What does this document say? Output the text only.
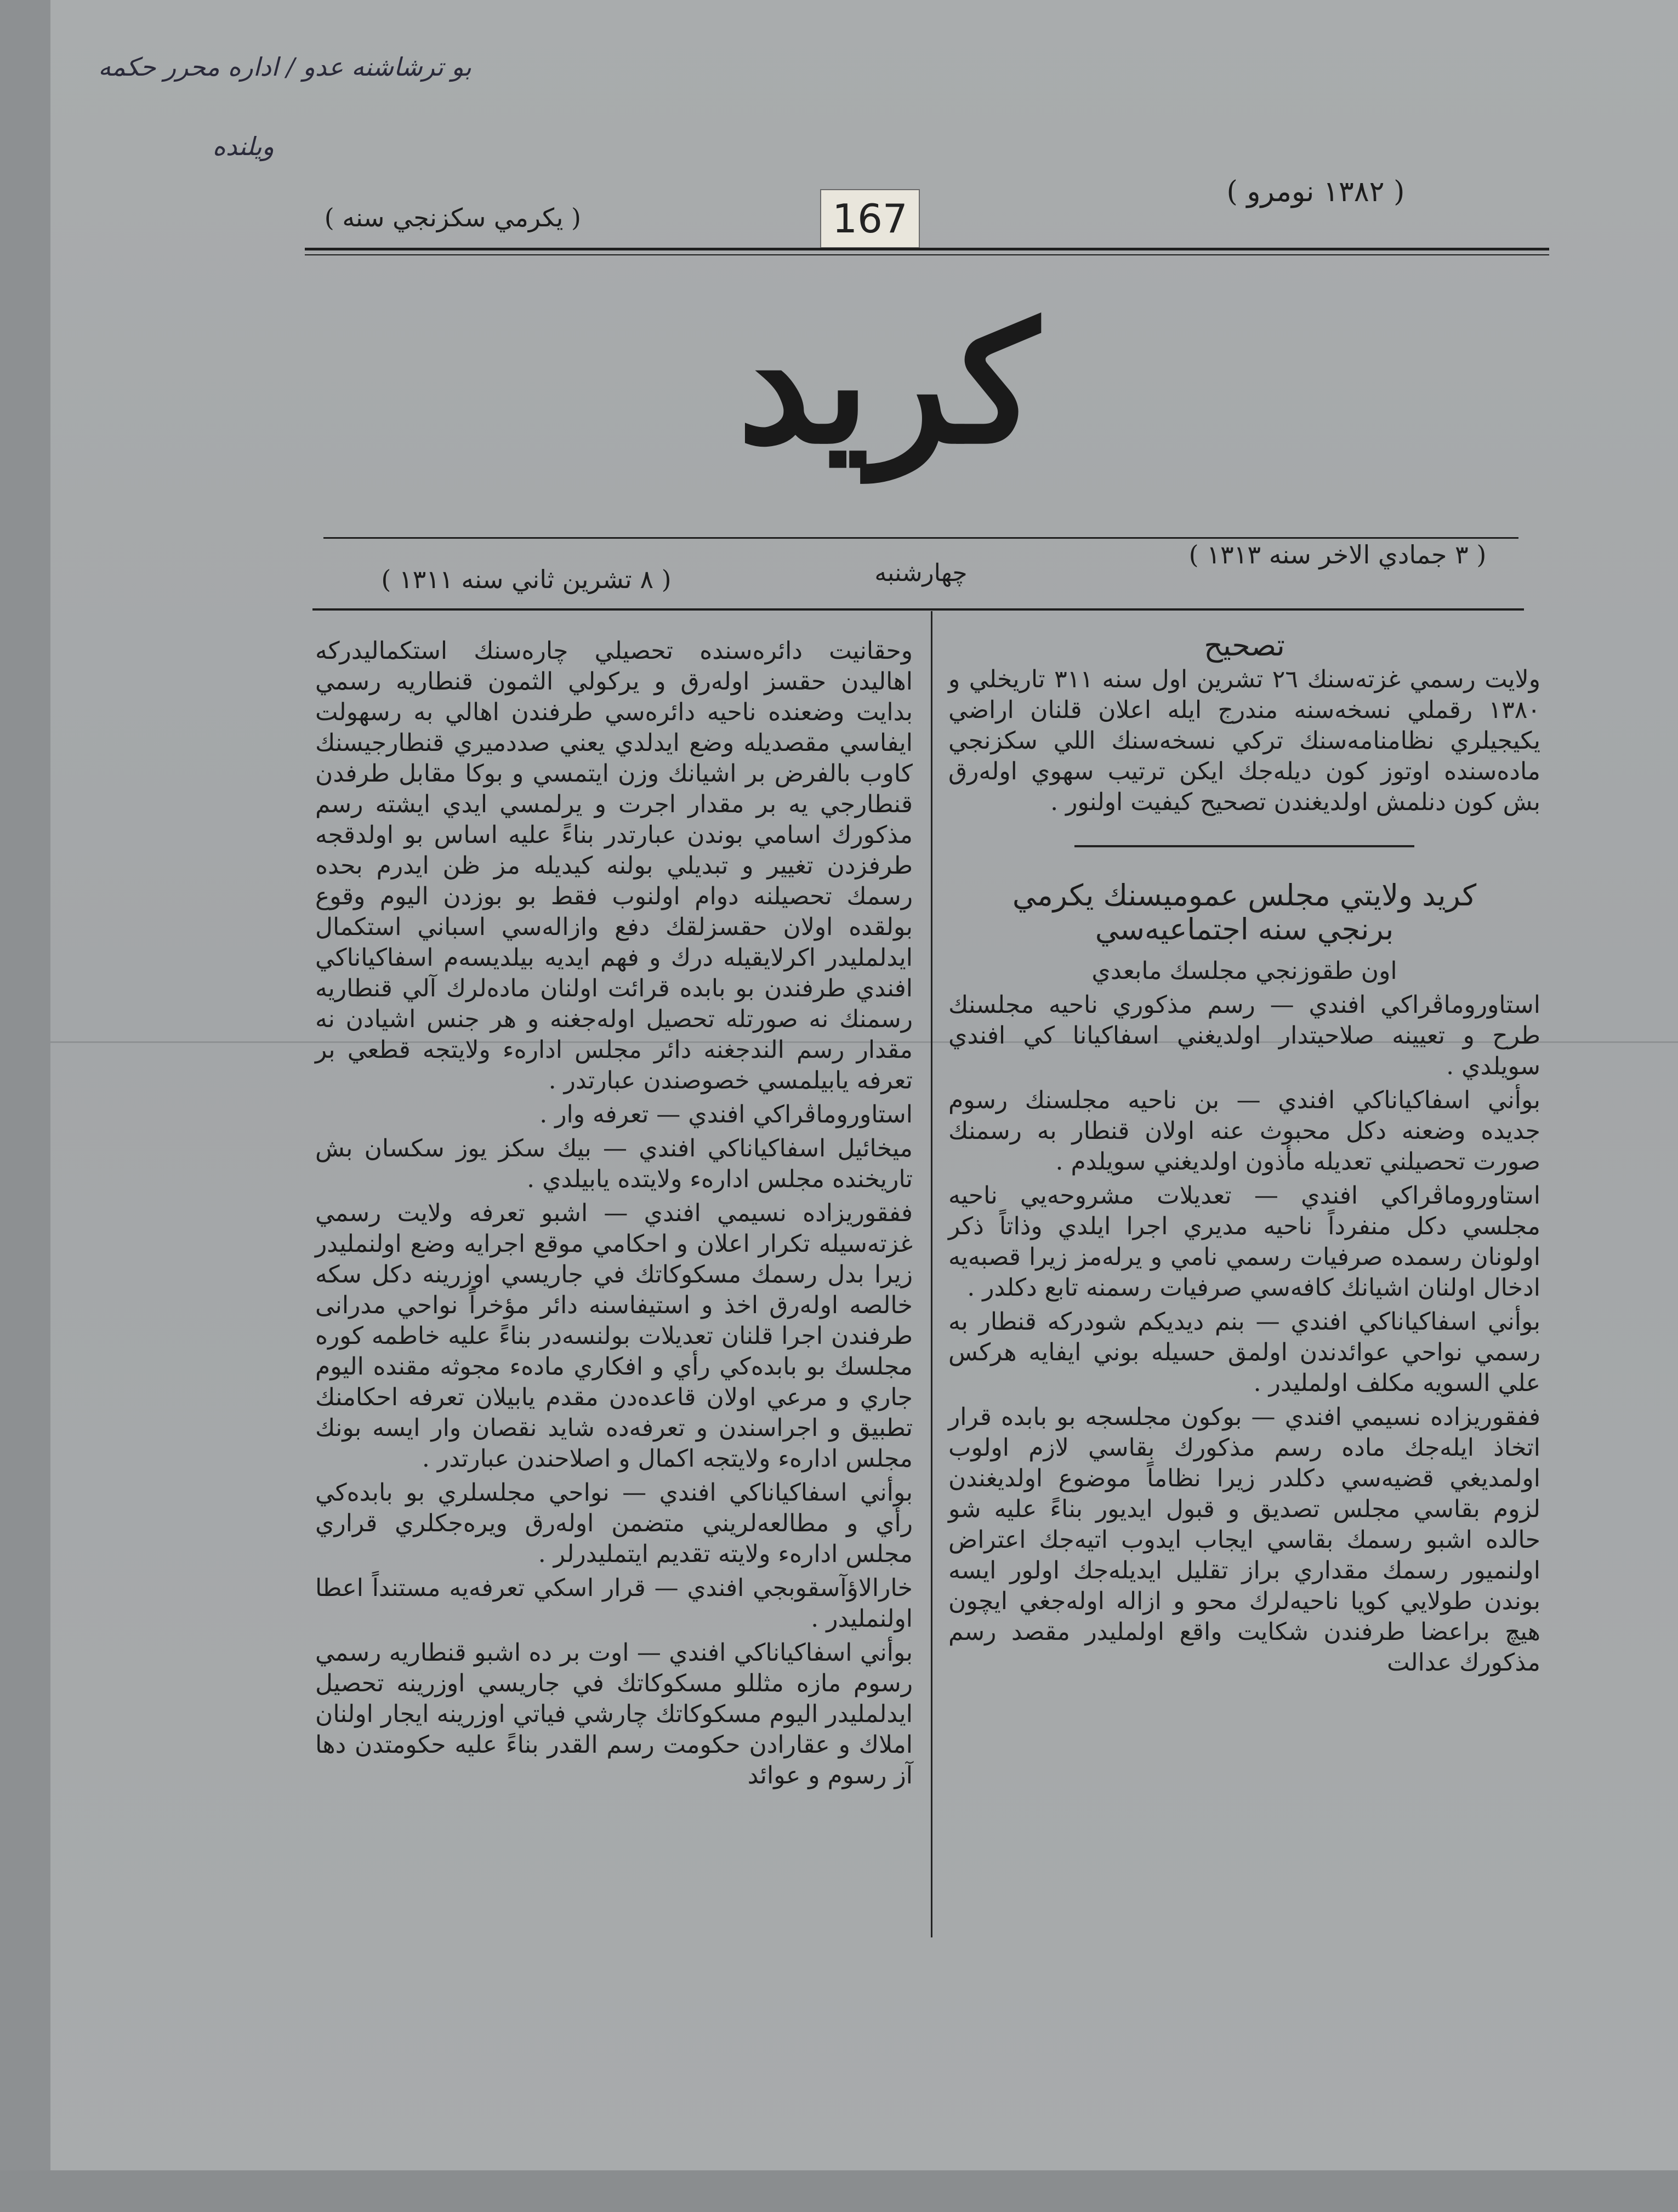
بو ترشاشنه عدو / اداره محرر حکمه
ویلنده
( ١٣٨٢ نومرو )
167
( يكرمي سكزنجي سنه )
كريد
( ٣ جمادي الاخر سنه ١٣١٣ )
چهارشنبه
( ٨ تشرين ثاني سنه ١٣١١ )

تصحيح

ولايت رسمي غزته‌سنك ٢٦ تشرين اول سنه ٣١١ تاريخلي و ١٣٨٠ رقملي نسخه‌سنه مندرج ايله اعلان قلنان اراضي يكيجيلري نظامنامه‌سنك تركي نسخه‌سنك اللي سكزنجي ماده‌سنده اوتوز كون ديله‌جك ايكن ترتيب سهوي اوله‌رق بش كون دنلمش اولديغندن تصحيح كيفيت اولنور .

كريد ولايتي مجلس عموميسنك يكرمي

برنجي سنه اجتماعيه‌سي

اون طقوزنجي مجلسك مابعدي

استاوروماڤراكي افندي — رسم مذكوري ناحيه مجلسنك طرح و تعيينه صلاحيتدار اولديغني اسفاكيانا كي افندي سويلدي .

بوأني اسفاكياناكي افندي — بن ناحيه مجلسنك رسوم جديده وضعنه دكل محبوث عنه اولان قنطار به رسمنك صورت تحصيلني تعديله مأذون اولديغني سويلدم .

استاوروماڤراكي افندي — تعديلات مشروحه‌يي ناحيه مجلسي دكل منفرداً ناحيه مديري اجرا ايلدي وذاتاً ذكر اولونان رسمده صرفيات رسمي نامي و يرله‌مز زيرا قصبه‌يه ادخال اولنان اشيانك كافه‌سي صرفيات رسمنه تابع دكلدر .

بوأني اسفاكياناكي افندي — بنم ديديكم شودركه قنطار به رسمي نواحي عوائدندن اولمق حسيله بوني ايفايه هركس علي السويه مكلف اولملیدر .

ففقوريزاده نسيمي افندي — بوكون مجلسجه بو بابده قرار اتخاذ ايله‌جك ماده رسم مذكورك بقاسي لازم اولوب اولمديغي قضيه‌سي دكلدر زيرا نظاماً موضوع اولديغندن لزوم بقاسي مجلس تصديق و قبول ايديور بناءً عليه شو حالده اشبو رسمك بقاسي ايجاب ايدوب اتيه‌جك اعتراض اولنميور رسمك مقداري براز تقليل ايدیله‌جك اولور ايسه بوندن طولايي كويا ناحيه‌لرك محو و ازاله اوله‌جغي ايچون هيچ براعضا طرفندن شكايت واقع اولملیدر مقصد رسم مذكورك عدالت

وحقانيت دائره‌سنده تحصيلي چاره‌سنك استكمالیدركه اهاليدن حقسز اوله‌رق و يركولي الثمون قنطاريه رسمي بدايت وضعنده ناحيه دائره‌سي طرفندن اهالي به رسهولت ايفاسي مقصديله وضع ايدلدي يعني صددميري قنطارجيسنك كاوب بالفرض بر اشيانك وزن ايتمسي و بوكا مقابل طرفدن قنطارجي يه بر مقدار اجرت و يرلمسي ايدي ايشته رسم مذكورك اسامي بوندن عبارتدر بناءً عليه اساس بو اولدقجه طرفزدن تغيير و تبديلي بولنه كيديله مز ظن ايدرم بحده رسمك تحصيلنه دوام اولنوب فقط بو بوزدن اليوم وقوع بولقده اولان حقسزلقك دفع وازاله‌سي اسباني استكمال ايدلملیدر اكرلايقيله درك و فهم ايديه بیلدیسه‌م اسفاكياناكي افندي طرفندن بو بابده قرائت اولنان ماده‌لرك آلي قنطاريه رسمنك نه صورتله تحصيل اوله‌جغنه و هر جنس اشيادن نه مقدار رسم الندجغنه دائر مجلس اداره‌ء ولايتجه قطعي بر تعرفه يابيلمسي خصوصندن عبارتدر .

استاوروماڤراكي افندي — تعرفه وار .

ميخائيل اسفاكياناكي افندي — بيك سكز يوز سكسان بش تاريخنده مجلس اداره‌ء ولايتده يابيلدي .

ففقوريزاده نسيمي افندي — اشبو تعرفه ولايت رسمي غزته‌سيله تكرار اعلان و احكامي موقع اجرايه وضع اولنملیدر زيرا بدل رسمك مسكوكاتك في جاريسي اوزرينه دكل سكه خالصه اوله‌رق اخذ و استيفاسنه دائر مؤخراً نواحي مدرانی طرفندن اجرا قلنان تعديلات بولنسه‌در بناءً عليه خاطمه كوره مجلسك بو بابده‌كي رأي و افكاري ماده‌ء مجوثه مقنده اليوم جاري و مرعي اولان قاعده‌دن مقدم يابيلان تعرفه احكامنك تطبيق و اجراسندن و تعرفه‌ده شايد نقصان وار ايسه بونك مجلس اداره‌ء ولايتجه اكمال و اصلاحندن عبارتدر .

بوأني اسفاكياناكي افندي — نواحي مجلسلري بو بابده‌كي رأي و مطالعه‌لريني متضمن اوله‌رق ويره‌جكلري قراري مجلس اداره‌ء ولايته تقديم ايتمليدرلر .

خارالاؤآسقوبجي افندي — قرار اسكي تعرفه‌يه مستنداً اعطا اولنملیدر .

بوأني اسفاكياناكي افندي — اوت بر ده اشبو قنطاريه رسمي رسوم مازه مثللو مسكوكاتك في جاريسي اوزرينه تحصيل ايدلملیدر اليوم مسكوكاتك چارشي فياتي اوزرينه ايجار اولنان املاك و عقارادن حكومت رسم القدر بناءً عليه حكومتدن دها آز رسوم و عوائد
